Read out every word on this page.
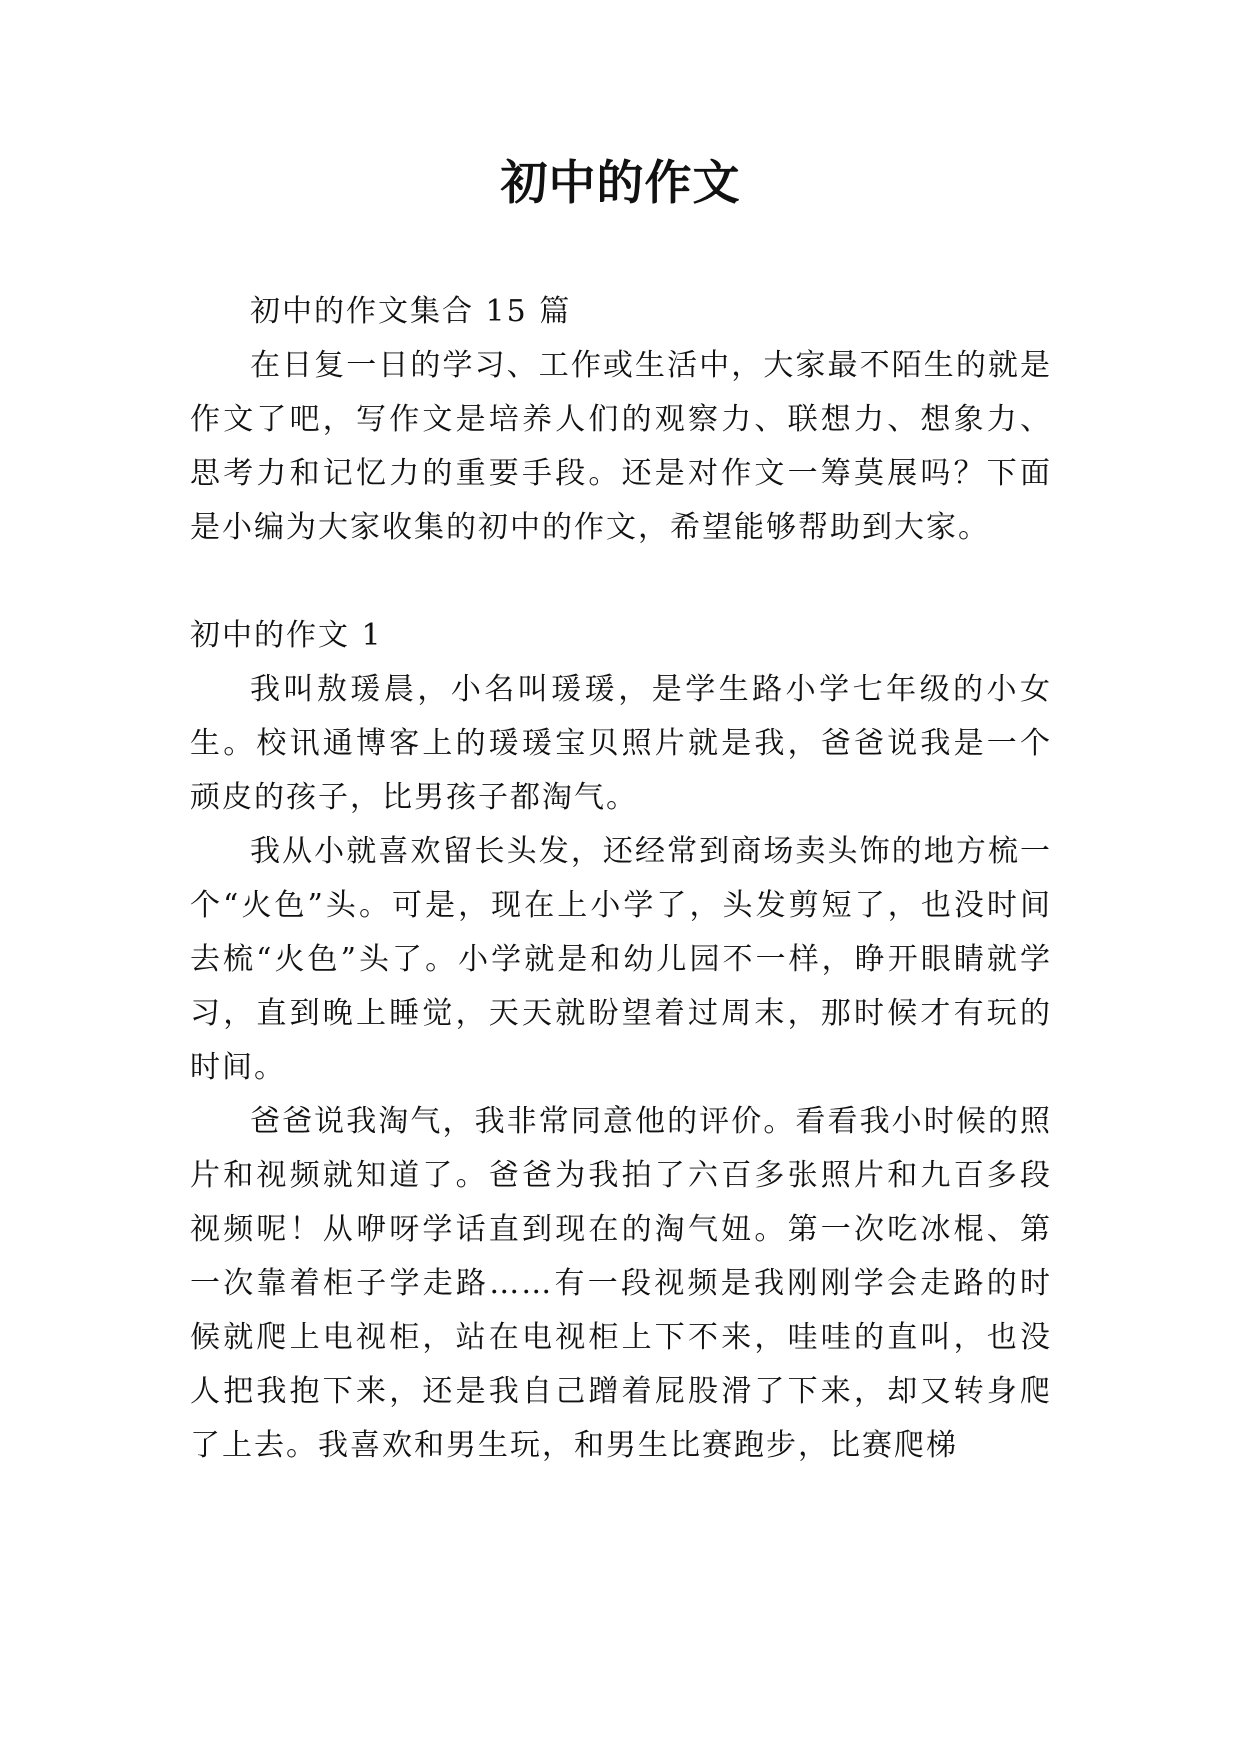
初中的作文

初中的作文集合 15 篇

在日复一日的学习、工作或生活中，大家最不陌生的就是作文了吧，写作文是培养人们的观察力、联想力、想象力、思考力和记忆力的重要手段。还是对作文一筹莫展吗？下面是小编为大家收集的初中的作文，希望能够帮助到大家。

初中的作文 1

我叫敖瑗晨，小名叫瑗瑗，是学生路小学七年级的小女生。校讯通博客上的瑗瑗宝贝照片就是我，爸爸说我是一个顽皮的孩子，比男孩子都淘气。

我从小就喜欢留长头发，还经常到商场卖头饰的地方梳一个“火色”头。可是，现在上小学了，头发剪短了，也没时间去梳“火色”头了。小学就是和幼儿园不一样，睁开眼睛就学习，直到晚上睡觉，天天就盼望着过周末，那时候才有玩的时间。

爸爸说我淘气，我非常同意他的评价。看看我小时候的照片和视频就知道了。爸爸为我拍了六百多张照片和九百多段视频呢！从咿呀学话直到现在的淘气妞。第一次吃冰棍、第一次靠着柜子学走路……有一段视频是我刚刚学会走路的时候就爬上电视柜，站在电视柜上下不来，哇哇的直叫，也没人把我抱下来，还是我自己蹭着屁股滑了下来，却又转身爬了上去。我喜欢和男生玩，和男生比赛跑步，比赛爬梯
